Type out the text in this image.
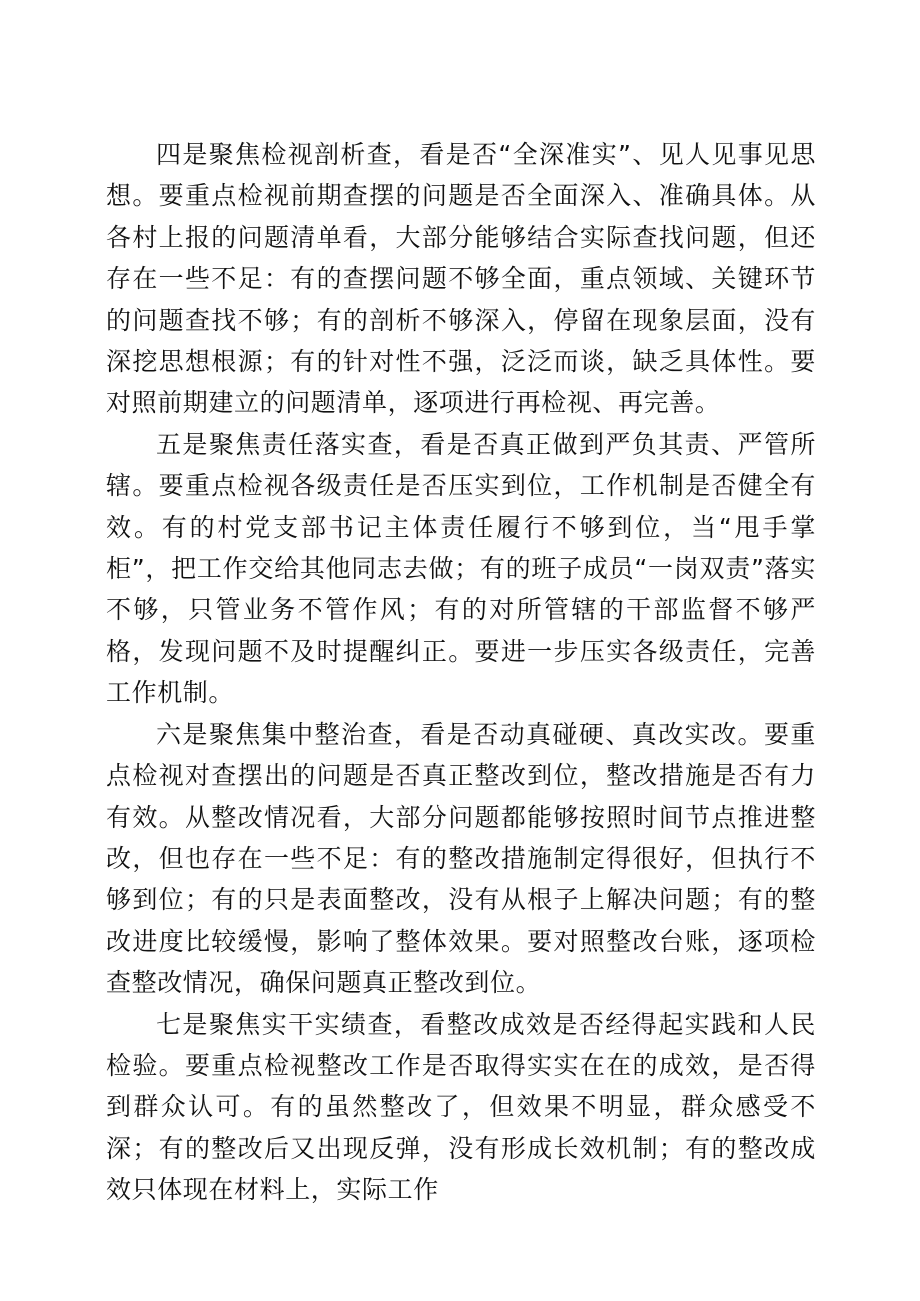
四是聚焦检视剖析查，看是否“全深准实”、见人见事见思想。要重点检视前期查摆的问题是否全面深入、准确具体。从各村上报的问题清单看，大部分能够结合实际查找问题，但还存在一些不足：有的查摆问题不够全面，重点领域、关键环节的问题查找不够；有的剖析不够深入，停留在现象层面，没有深挖思想根源；有的针对性不强，泛泛而谈，缺乏具体性。要对照前期建立的问题清单，逐项进行再检视、再完善。

五是聚焦责任落实查，看是否真正做到严负其责、严管所辖。要重点检视各级责任是否压实到位，工作机制是否健全有效。有的村党支部书记主体责任履行不够到位，当“甩手掌柜”，把工作交给其他同志去做；有的班子成员“一岗双责”落实不够，只管业务不管作风；有的对所管辖的干部监督不够严格，发现问题不及时提醒纠正。要进一步压实各级责任，完善工作机制。

六是聚焦集中整治查，看是否动真碰硬、真改实改。要重点检视对查摆出的问题是否真正整改到位，整改措施是否有力有效。从整改情况看，大部分问题都能够按照时间节点推进整改，但也存在一些不足：有的整改措施制定得很好，但执行不够到位；有的只是表面整改，没有从根子上解决问题；有的整改进度比较缓慢，影响了整体效果。要对照整改台账，逐项检查整改情况，确保问题真正整改到位。

七是聚焦实干实绩查，看整改成效是否经得起实践和人民检验。要重点检视整改工作是否取得实实在在的成效，是否得到群众认可。有的虽然整改了，但效果不明显，群众感受不深；有的整改后又出现反弹，没有形成长效机制；有的整改成效只体现在材料上，实际工作
